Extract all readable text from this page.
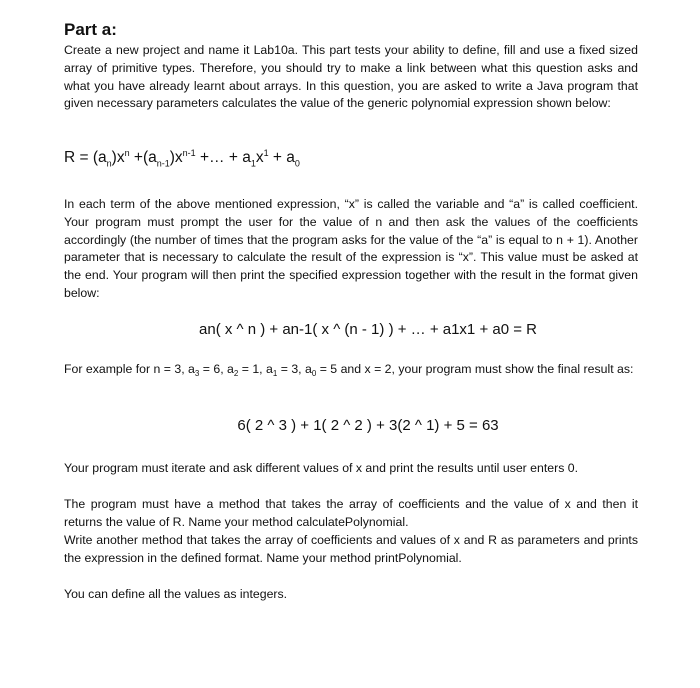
Part a:
Create a new project and name it Lab10a. This part tests your ability to define, fill and use a fixed sized array of primitive types. Therefore, you should try to make a link between what this question asks and what you have already learnt about arrays. In this question, you are asked to write a Java program that given necessary parameters calculates the value of the generic polynomial expression shown below:
$R = (a_n)x^n +(a_{n-1})x^{n-1}$ +… + $a_1x^1 + a_0$
In each term of the above mentioned expression, “x” is called the variable and “a” is called coefficient. Your program must prompt the user for the value of n and then ask the values of the coefficients accordingly (the number of times that the program asks for the value of the “a” is equal to n + 1). Another parameter that is necessary to calculate the result of the expression is “x”. This value must be asked at the end. Your program will then print the specified expression together with the result in the format given below:
an( x ^ n ) + an-1( x ^ (n - 1) ) + … + a1x1 + a0 = R
For example for n = 3, $a_3 = 6$, $a_2 = 1$, $a_1 = 3$, $a_0 = 5$ and x = 2, your program must show the final result as:
6( 2 ^ 3 ) + 1( 2 ^ 2 ) + 3(2 ^ 1) + 5 = 63
Your program must iterate and ask different values of x and print the results until user enters 0.
The program must have a method that takes the array of coefficients and the value of x and then it returns the value of R. Name your method calculatePolynomial.
Write another method that takes the array of coefficients and values of x and R as parameters and prints the expression in the defined format. Name your method printPolynomial.
You can define all the values as integers.
